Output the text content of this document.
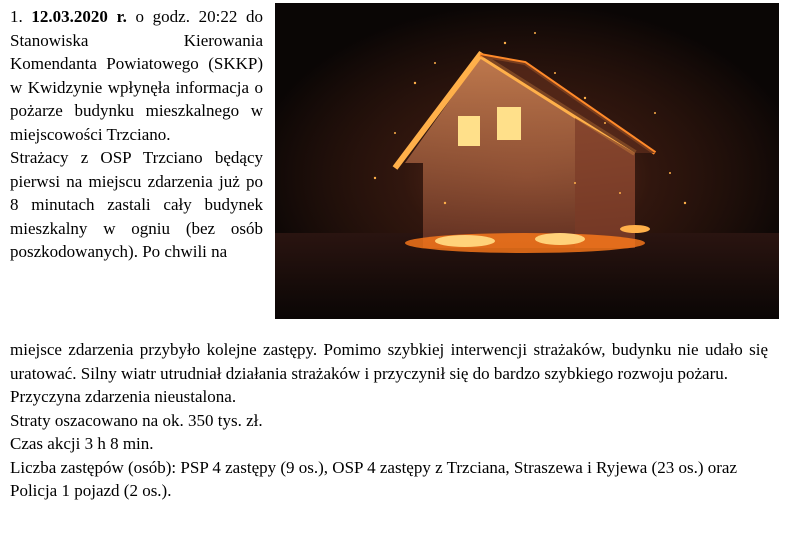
1. 12.03.2020 r. o godz. 20:22 do Stanowiska Kierowania Komendanta Powiatowego (SKKP) w Kwidzynie wpłynęła informacja o pożarze budynku mieszkalnego w miejscowości Trzciano.

Strażacy z OSP Trzciano będący pierwsi na miejscu zdarzenia już po 8 minutach zastali cały budynek mieszkalny w ogniu (bez osób poszkodowanych). Po chwili na

miejsce zdarzenia przybyło kolejne zastępy. Pomimo szybkiej interwencji strażaków, budynku nie udało się uratować. Silny wiatr utrudniał działania strażaków i przyczynił się do bardzo szybkiego rozwoju pożaru.

Przyczyna zdarzenia nieustalona.

Straty oszacowano na ok. 350 tys. zł.

Czas akcji 3 h 8 min.

Liczba zastępów (osób): PSP 4 zastępy (9 os.), OSP 4 zastępy z Trzciana, Straszewa i Ryjewa (23 os.) oraz Policja 1 pojazd (2 os.).
